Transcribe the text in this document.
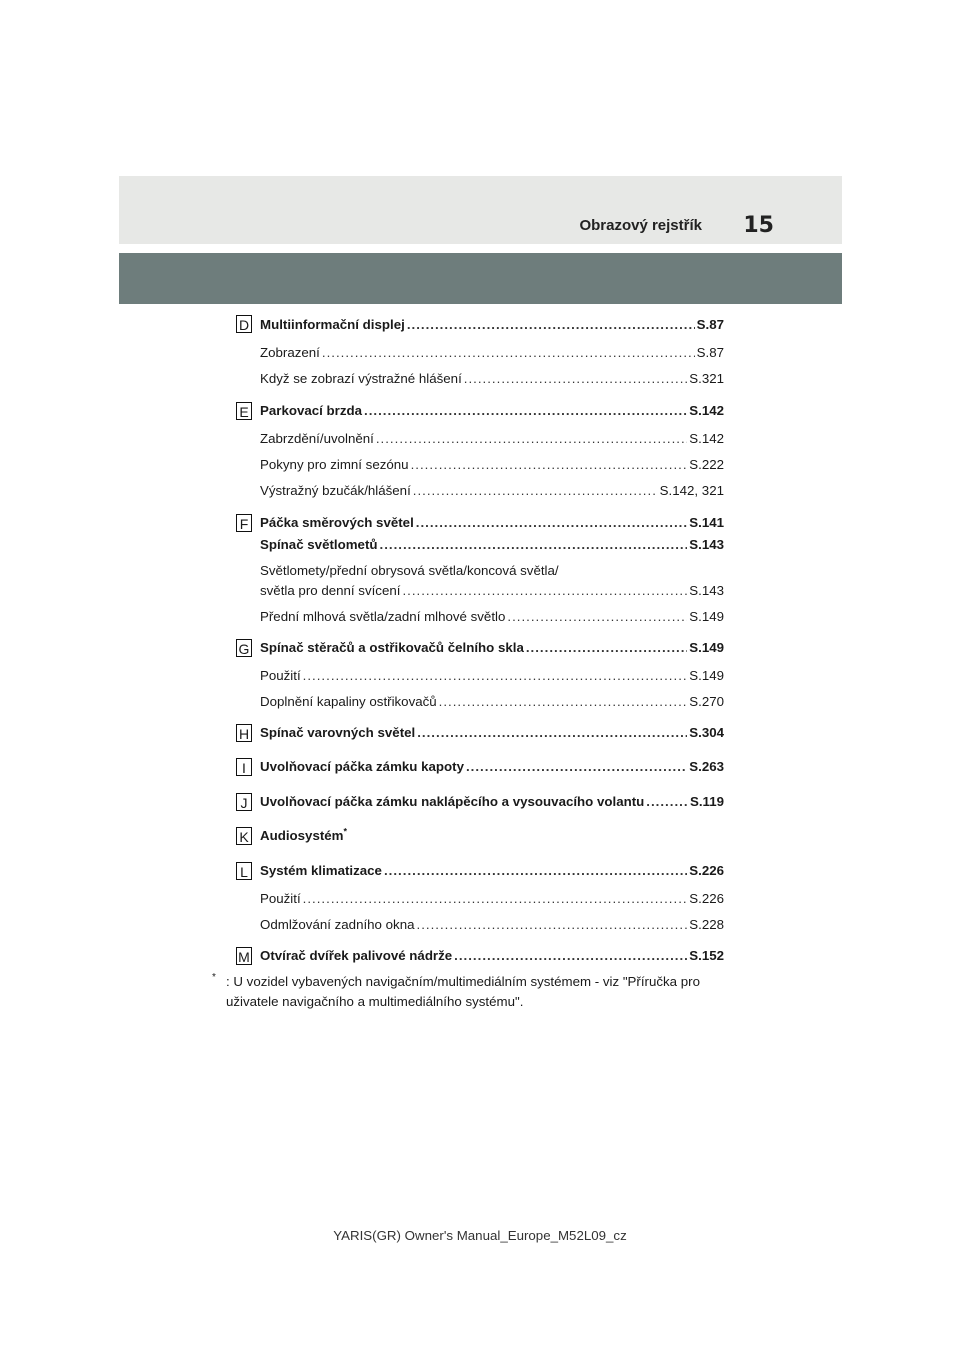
Obrazový rejstřík 15
D Multiinformační displej .....	S.87
Zobrazení .....	S.87
Když se zobrazí výstražné hlášení .....	S.321
E Parkovací brzda .....	S.142
Zabrzdění/uvolnění .....	S.142
Pokyny pro zimní sezónu .....	S.222
Výstražný bzučák/hlášení .....	S.142, 321
F Páčka směrových světel .....	S.141
Spínač světlometů .....	S.143
Světlomety/přední obrysová světla/koncová světla/
světla pro denní svícení .....	S.143
Přední mlhová světla/zadní mlhové světlo .....	S.149
G Spínač stěračů a ostřikovačů čelního skla .....	S.149
Použití .....	S.149
Doplnění kapaliny ostřikovačů .....	S.270
H Spínač varovných světel .....	S.304
I	Uvolňovací páčka zámku kapoty .....	S.263
J Uvolňovací páčka zámku naklápěcího a vysouvacího volantu .....	S.119
K Audiosystém*
L Systém klimatizace .....	S.226
Použití .....	S.226
Odmlžování zadního okna .....	S.228
M Otvírač dvířek palivové nádrže .....	S.152
* : U vozidel vybavených navigačním/multimediálním systémem - viz "Příručka pro uživatele navigačního a multimediálního systému".
YARIS(GR) Owner's Manual_Europe_M52L09_cz
